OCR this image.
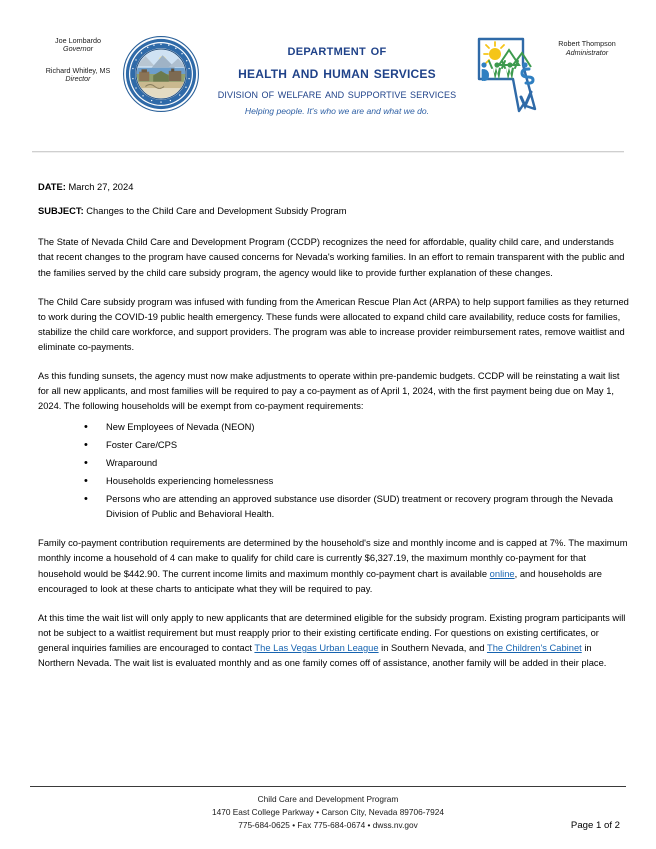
Joe Lombardo
Governor
Richard Whitley, MS
Director
department of
health and human services
division of welfare and supportive services
Helping people. It's who we are and what we do.
Robert Thompson
Administrator
DATE: March 27, 2024
SUBJECT: Changes to the Child Care and Development Subsidy Program

The State of Nevada Child Care and Development Program (CCDP) recognizes the need for affordable, quality child care, and understands that recent changes to the program have caused concerns for Nevada's working families. In an effort to remain transparent with the public and the families served by the child care subsidy program, the agency would like to provide further explanation of these changes.

The Child Care subsidy program was infused with funding from the American Rescue Plan Act (ARPA) to help support families as they returned to work during the COVID-19 public health emergency. These funds were allocated to expand child care availability, reduce costs for families, stabilize the child care workforce, and support providers. The program was able to increase provider reimbursement rates, remove waitlist and eliminate co-payments.

As this funding sunsets, the agency must now make adjustments to operate within pre-pandemic budgets. CCDP will be reinstating a wait list for all new applicants, and most families will be required to pay a co-payment as of April 1, 2024, with the first payment being due on May 1, 2024. The following households will be exempt from co-payment requirements:

• New Employees of Nevada (NEON)
• Foster Care/CPS
• Wraparound
• Households experiencing homelessness
• Persons who are attending an approved substance use disorder (SUD) treatment or recovery program through the Nevada Division of Public and Behavioral Health.

Family co-payment contribution requirements are determined by the household's size and monthly income and is capped at 7%. The maximum monthly income a household of 4 can make to qualify for child care is currently $6,327.19, the maximum monthly co-payment for that household would be $442.90. The current income limits and maximum monthly co-payment chart is available online, and households are encouraged to look at these charts to anticipate what they will be required to pay.

At this time the wait list will only apply to new applicants that are determined eligible for the subsidy program. Existing program participants will not be subject to a waitlist requirement but must reapply prior to their existing certificate ending. For questions on existing certificates, or general inquiries families are encouraged to contact The Las Vegas Urban League in Southern Nevada, and The Children's Cabinet in Northern Nevada. The wait list is evaluated monthly and as one family comes off of assistance, another family will be added in their place.

Child Care and Development Program
1470 East College Parkway • Carson City, Nevada 89706-7924
775-684-0625 • Fax 775-684-0674 • dwss.nv.gov	Page 1 of 2
